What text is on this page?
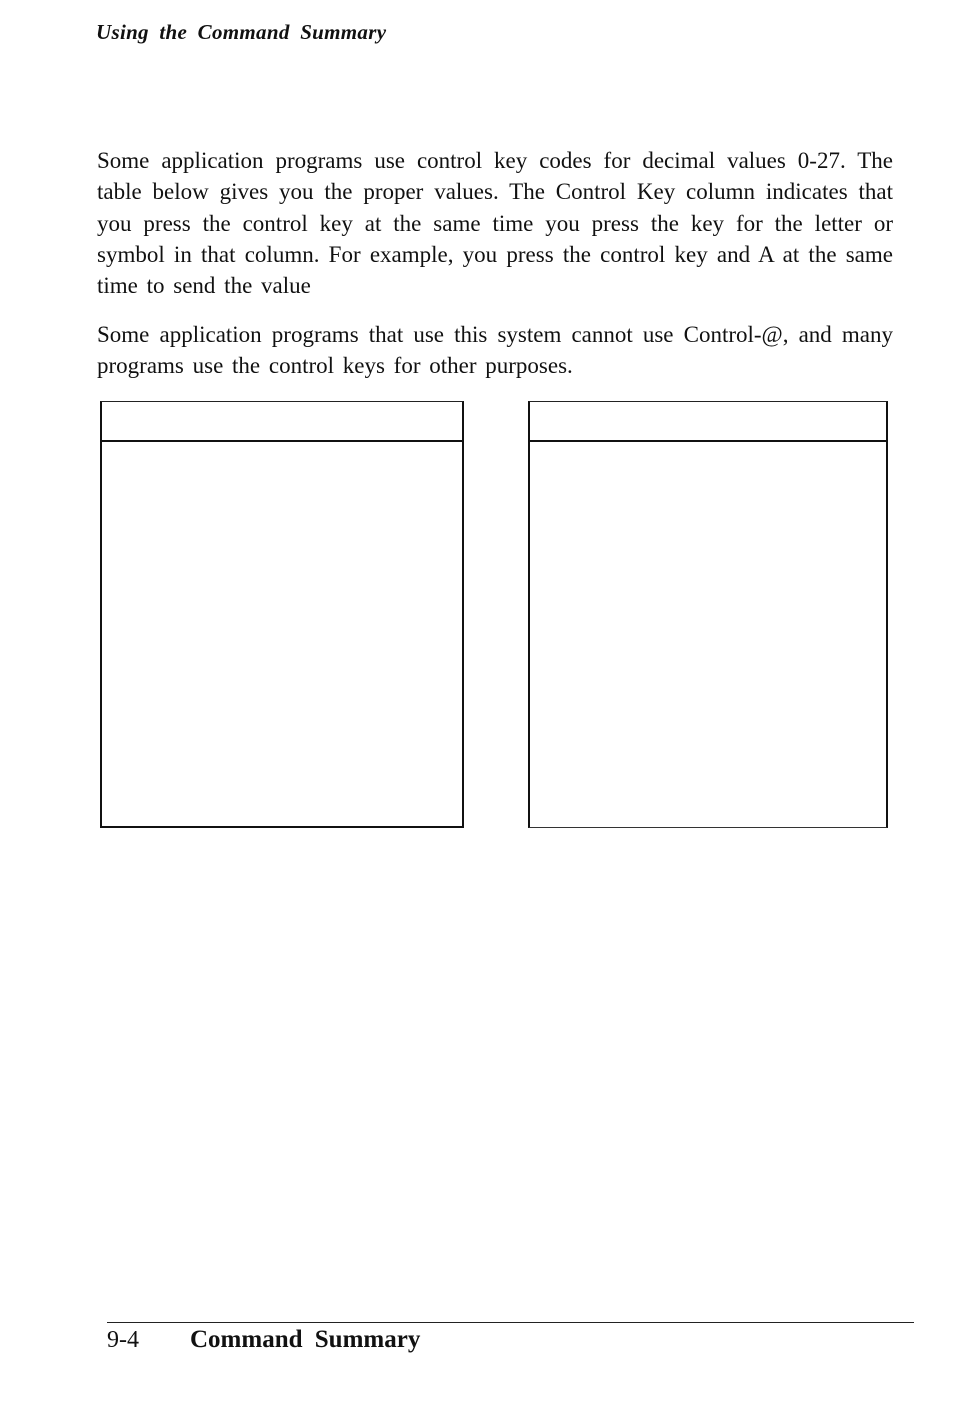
Using the Command Summary

Some application programs use control key codes for decimal values 0-27. The table below gives you the proper values. The Control Key column indicates that you press the control key at the same time you press the key for the letter or symbol in that column. For example, you press the control key and A at the same time to send the value

Some application programs that use this system cannot use Control-@, and many programs use the control keys for other purposes.

9-4 Command Summary
